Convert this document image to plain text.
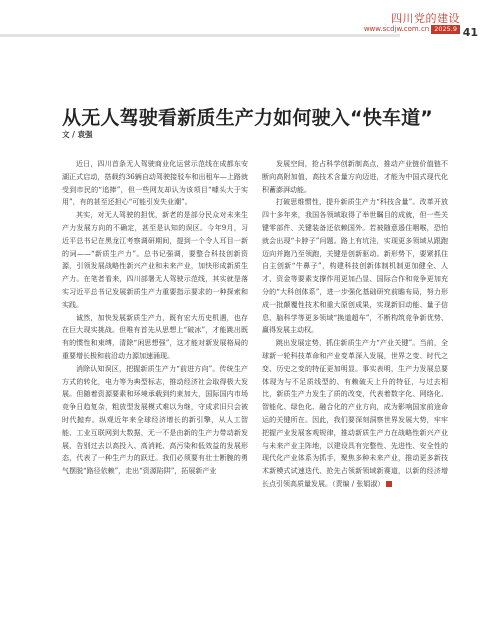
四川党的建设
www.scdjw.com.cn 2025.9 41
从无人驾驶看新质生产力如何驶入“快车道”
文 / 袁强

近日，四川首条无人驾驶商业化运营示范线在成都东安湖正式启动，搭载约36辆自动驾驶接驳车和出租车—上路就受到市民的“追捧”，但一些网友却认为该项目“噱头大于实用”，有的甚至还担心“可能引发失业潮”。

其实，对无人驾驶的担忧，新老的是部分民众对未来生产力发展方向的不确定，甚至是认知的误区。今年9月，习近平总书记在黑龙江考察调研期间，提到一个令人耳目一新的词——“新质生产力”。总书记强调，要整合科技创新资源，引领发展战略性新兴产业和未来产业，加快形成新质生产力。在笔者看来，四川部署无人驾驶示范线，其实就是落实习近平总书记发展新质生产力重要指示要求的一种探索和实践。

诚然，加快发展新质生产力，既有宏大历史机遇，也存在巨大现实挑战。但唯有首先从思想上“破冰”，才能跳出既有的惯性和束缚，清除“闲思想强”，这才能对新发展格局的重要增长极和前沿动力源加速涌现。

消除认知误区，把握新质生产力“前进方向”。传统生产方式的转化，电力等为典型标志，推动经济社会取得极大发展。但随着资源要素和环境承载到约束加大，国际国内市场竞争日趋复杂，粗放型发展模式难以为继，守成求旧只会被时代抛弃。纵观近年来全球经济增长的新引擎，从人工智能、工业互联网到大数据，无一不是由新的生产力带动新发展、告别过去以高投入、高消耗、高污染和低效益的发展形态，代表了一种生产力的跃迁。我们必须要有壮士断腕的勇气摆脱“路径依赖”，走出“资源陷阱”，拓展新产业

发展空间，抢占科学创新制高点，推动产业链价值链不断向高附加值、高技术含量方向迈进，才能为中国式现代化积蓄澎湃动能。

打破思维惯性，提升新质生产力“科技含量”。改革开放四十多年来，我国各领域取得了举世瞩目的成就，但一些关键零部件、关键装备还依赖国外。若被随意遏住咽喉，恐怕就会出现“卡脖子”问题。路上有坑洼，实现更多领域从跟跑迈向并跑乃至领跑，关键是创新驱动。新形势下，要紧抓住自主创新“牛鼻子”，构建科技创新体制机制更加健全、人才、资金等要素支撑作用更加凸显、国际合作和竞争更加充分的“大科创体系”，进一步强化基础研究前瞻布局，努力形成一批颠覆性技术和重大原创成果，实现新旧动能、量子信息、脑科学等更多领域“换道超车”，不断构筑竞争新优势、赢得发展主动权。

跳出发展定势，抓住新质生产力“产业关键”。当前，全球新一轮科技革命和产业变革深入发展，世界之变、时代之变、历史之变的特征更加明显。事实表明，生产力发展总要体现为与不足质线型的、有赖破天上升的特征，与过去相比，新质生产力发生了质的改变，代表着数字化、网络化、智能化、绿色化、融合化的产业方向，成为影响国家前途命运的关键所在。因此，我们要深刻洞察世界发展大势，牢牢把握产业发展客观规律，推动新质生产力在战略性新兴产业与未来产业主阵地，以建设具有完整性、先进性、安全性的现代化产业体系为抓手，聚焦多种未来产业，推动更多新技术新模式试速迭代、抢先占领新领域新赛道，以新的经济增长点引领高质量发展。（责编 / 张娟淑）
